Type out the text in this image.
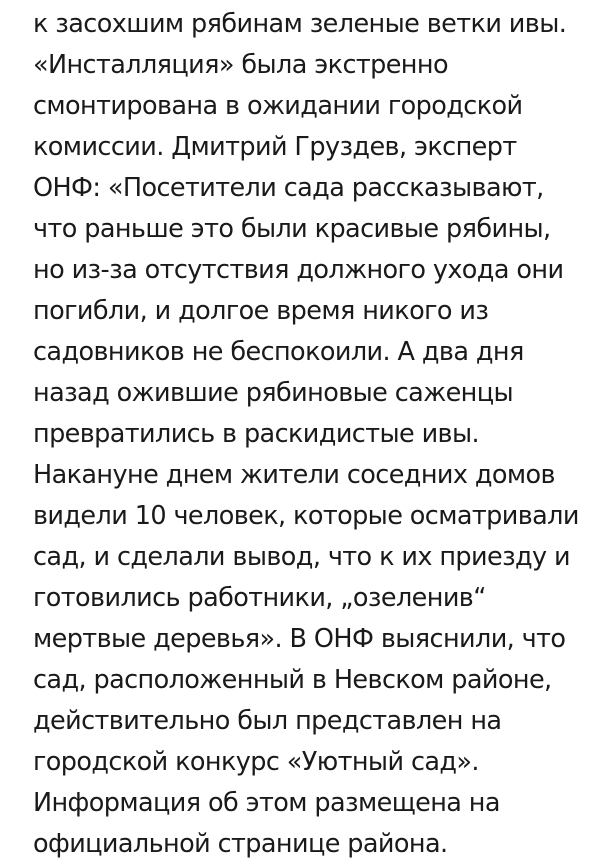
к засохшим рябинам зеленые ветки ивы.
«Инсталляция» была экстренно
смонтирована в ожидании городской
комиссии. Дмитрий Груздев, эксперт
ОНФ: «Посетители сада рассказывают,
что раньше это были красивые рябины,
но из-за отсутствия должного ухода они
погибли, и долгое время никого из
садовников не беспокоили. А два дня
назад ожившие рябиновые саженцы
превратились в раскидистые ивы.
Накануне днем жители соседних домов
видели 10 человек, которые осматривали
сад, и сделали вывод, что к их приезду и
готовились работники, „озеленив“
мертвые деревья». В ОНФ выяснили, что
сад, расположенный в Невском районе,
действительно был представлен на
городской конкурс «Уютный сад».
Информация об этом размещена на
официальной странице района.
